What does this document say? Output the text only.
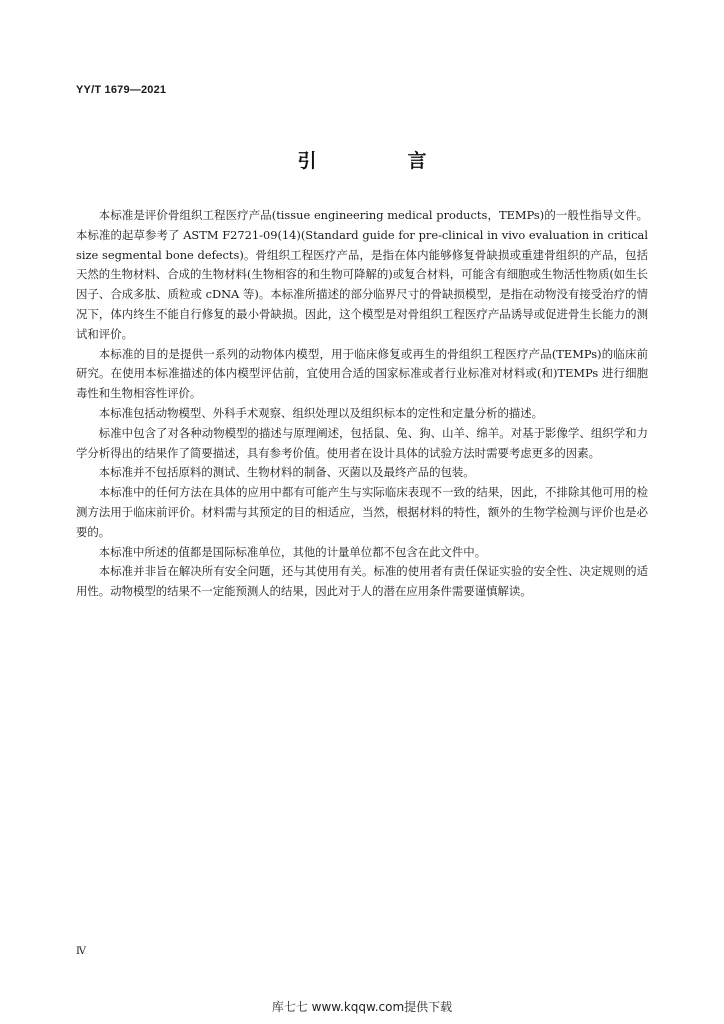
YY/T 1679—2021
引　言

本标准是评价骨组织工程医疗产品(tissue engineering medical products，TEMPs)的一般性指导文件。本标准的起草参考了 ASTM F2721-09(14)(Standard guide for pre-clinical in vivo evaluation in critical size segmental bone defects)。骨组织工程医疗产品，是指在体内能够修复骨缺损或重建骨组织的产品，包括天然的生物材料、合成的生物材料(生物相容的和生物可降解的)或复合材料，可能含有细胞或生物活性物质(如生长因子、合成多肽、质粒或 cDNA 等)。本标准所描述的部分临界尺寸的骨缺损模型，是指在动物没有接受治疗的情况下，体内终生不能自行修复的最小骨缺损。因此，这个模型是对骨组织工程医疗产品诱导或促进骨生长能力的测试和评价。

本标准的目的是提供一系列的动物体内模型，用于临床修复或再生的骨组织工程医疗产品(TEMPs)的临床前研究。在使用本标准描述的体内模型评估前，宜使用合适的国家标准或者行业标准对材料或(和)TEMPs 进行细胞毒性和生物相容性评价。

本标准包括动物模型、外科手术观察、组织处理以及组织标本的定性和定量分析的描述。

标准中包含了对各种动物模型的描述与原理阐述，包括鼠、兔、狗、山羊、绵羊。对基于影像学、组织学和力学分析得出的结果作了简要描述，具有参考价值。使用者在设计具体的试验方法时需要考虑更多的因素。

本标准并不包括原料的测试、生物材料的制备、灭菌以及最终产品的包装。

本标准中的任何方法在具体的应用中都有可能产生与实际临床表现不一致的结果，因此，不排除其他可用的检测方法用于临床前评价。材料需与其预定的目的相适应，当然，根据材料的特性，额外的生物学检测与评价也是必要的。

本标准中所述的值都是国际标准单位，其他的计量单位都不包含在此文件中。

本标准并非旨在解决所有安全问题，还与其使用有关。标准的使用者有责任保证实验的安全性、决定规则的适用性。动物模型的结果不一定能预测人的结果，因此对于人的潜在应用条件需要谨慎解读。

Ⅳ
库七七 www.kqqw.com提供下载
